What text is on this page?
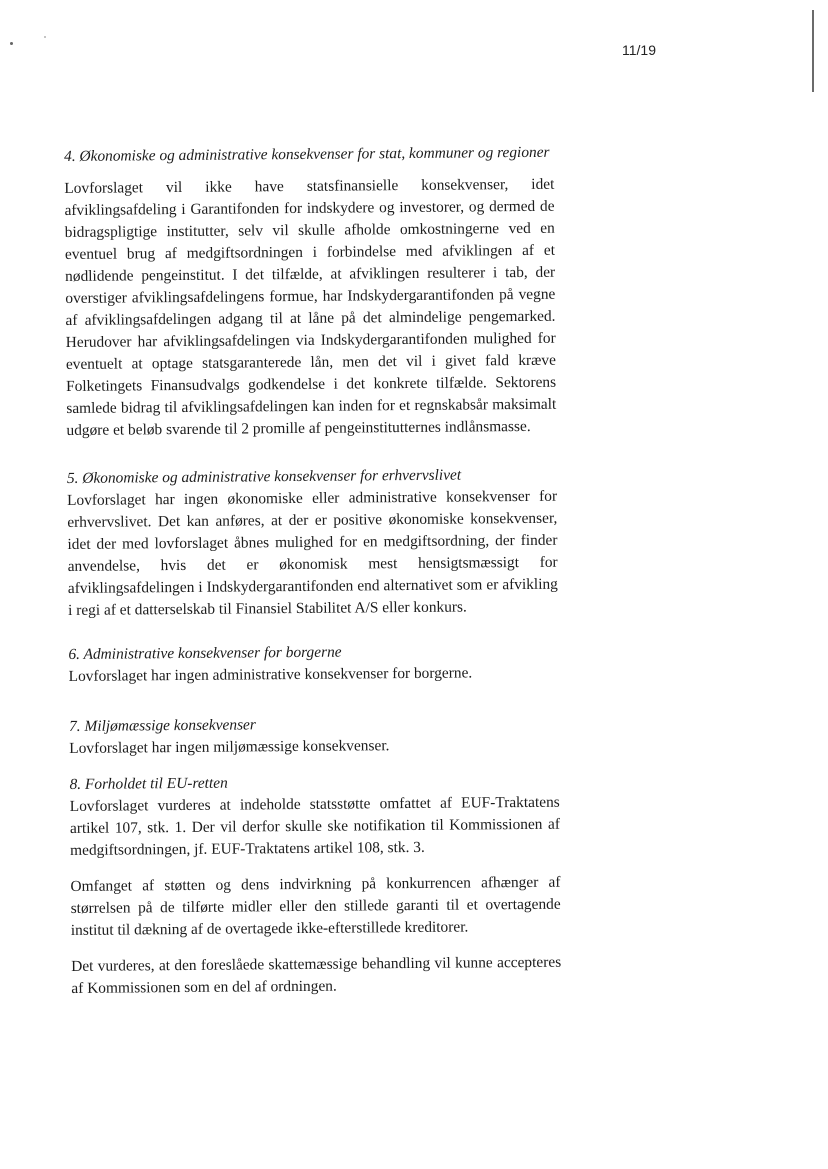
11/19

4. Økonomiske og administrative konsekvenser for stat, kommuner og regioner

Lovforslaget vil ikke have statsfinansielle konsekvenser, idet afviklingsafdeling i Garantifonden for indskydere og investorer, og dermed de bidragspligtige institutter, selv vil skulle afholde omkostningerne ved en eventuel brug af medgiftsordningen i forbindelse med afviklingen af et nødlidende pengeinstitut. I det tilfælde, at afviklingen resulterer i tab, der overstiger afviklingsafdelingens formue, har Indskydergarantifonden på vegne af afviklingsafdelingen adgang til at låne på det almindelige pengemarked. Herudover har afviklingsafdelingen via Indskydergarantifonden mulighed for eventuelt at optage statsgaranterede lån, men det vil i givet fald kræve Folketingets Finansudvalgs godkendelse i det konkrete tilfælde. Sektorens samlede bidrag til afviklingsafdelingen kan inden for et regnskabsår maksimalt udgøre et beløb svarende til 2 promille af pengeinstitutternes indlånsmasse.

5. Økonomiske og administrative konsekvenser for erhvervslivet

Lovforslaget har ingen økonomiske eller administrative konsekvenser for erhvervslivet. Det kan anføres, at der er positive økonomiske konsekvenser, idet der med lovforslaget åbnes mulighed for en medgiftsordning, der finder anvendelse, hvis det er økonomisk mest hensigtsmæssigt for afviklingsafdelingen i Indskydergarantifonden end alternativet som er afvikling i regi af et datterselskab til Finansiel Stabilitet A/S eller konkurs.

6. Administrative konsekvenser for borgerne

Lovforslaget har ingen administrative konsekvenser for borgerne.

7. Miljømæssige konsekvenser

Lovforslaget har ingen miljømæssige konsekvenser.

8. Forholdet til EU-retten

Lovforslaget vurderes at indeholde statsstøtte omfattet af EUF-Traktatens artikel 107, stk. 1. Der vil derfor skulle ske notifikation til Kommissionen af medgiftsordningen, jf. EUF-Traktatens artikel 108, stk. 3.

Omfanget af støtten og dens indvirkning på konkurrencen afhænger af størrelsen på de tilførte midler eller den stillede garanti til et overtagende institut til dækning af de overtagede ikke-efterstillede kreditorer.

Det vurderes, at den foreslåede skattemæssige behandling vil kunne accepteres af Kommissionen som en del af ordningen.
